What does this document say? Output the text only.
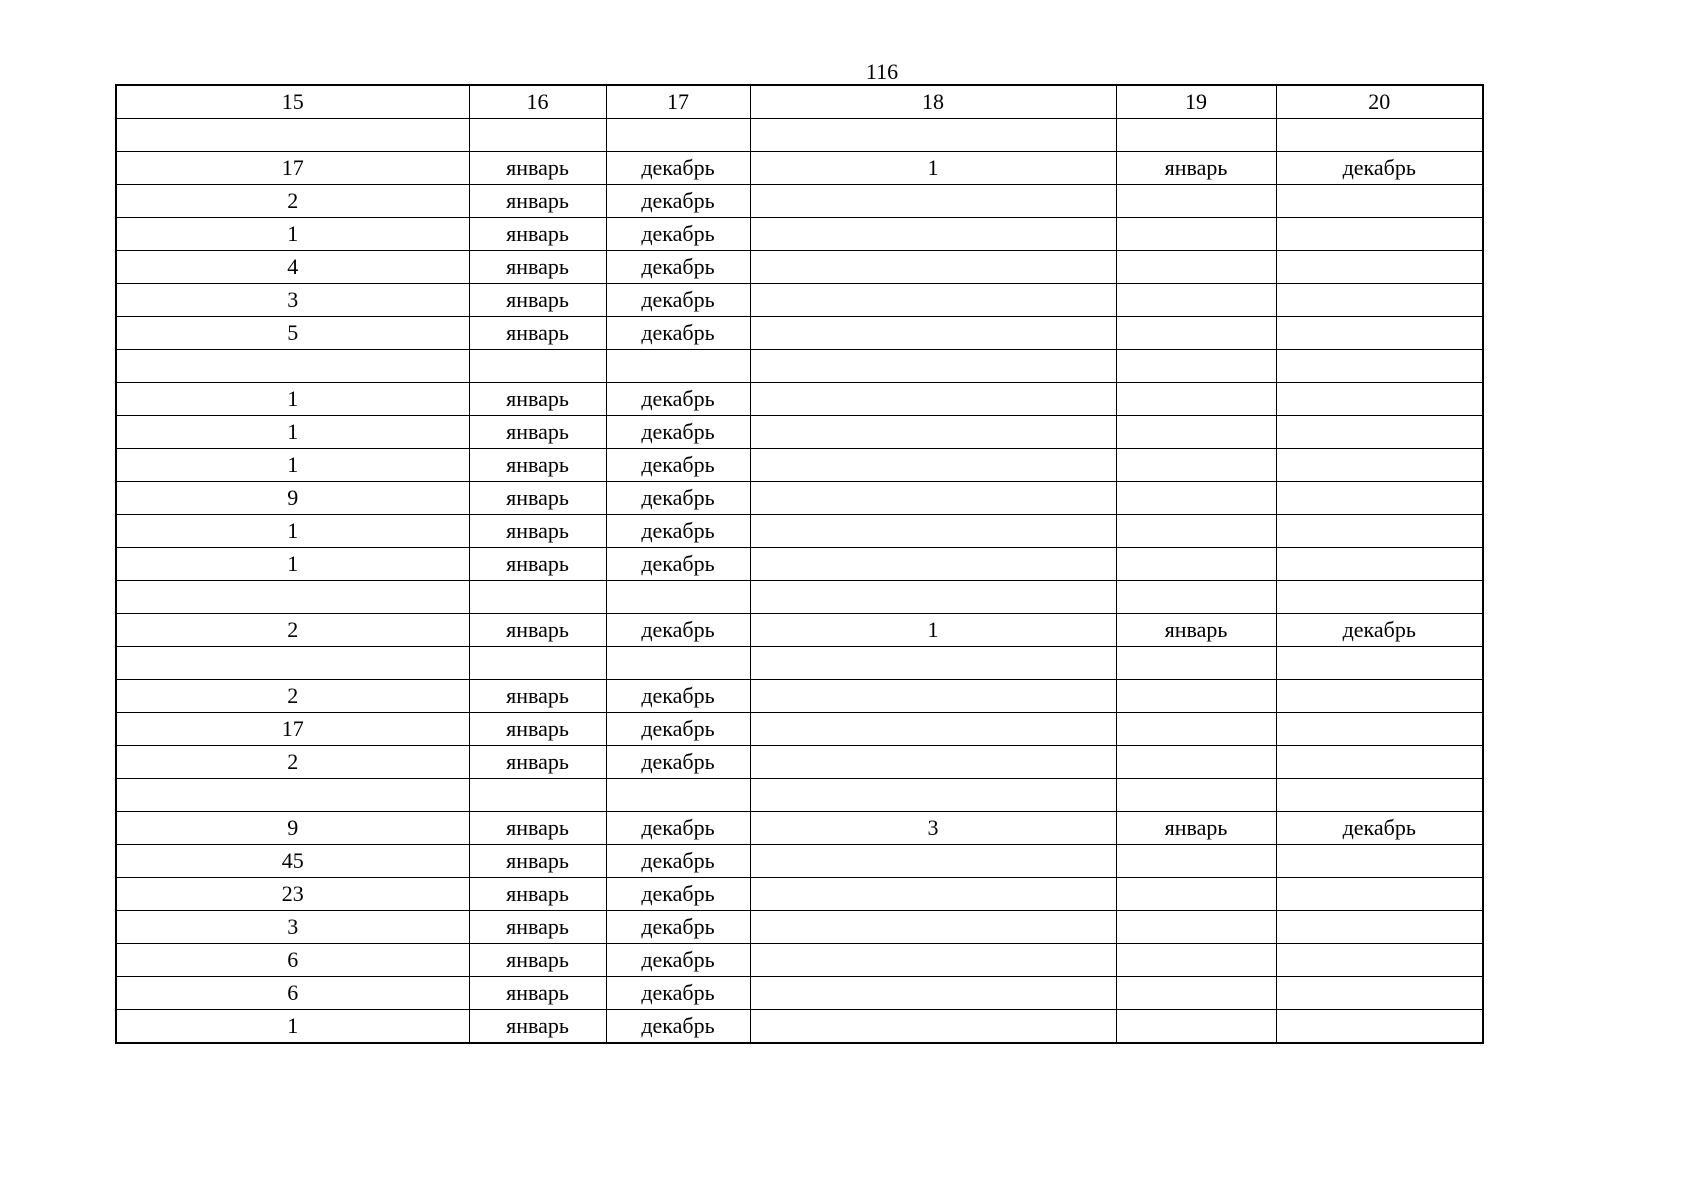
116
15	16	17	18	19	20

17	январь	декабрь	1	январь	декабрь
2	январь	декабрь			
1	январь	декабрь			
4	январь	декабрь			
3	январь	декабрь			
5	январь	декабрь			

1	январь	декабрь			
1	январь	декабрь			
1	январь	декабрь			
9	январь	декабрь			
1	январь	декабрь			
1	январь	декабрь			

2	январь	декабрь	1	январь	декабрь

2	январь	декабрь			
17	январь	декабрь			
2	январь	декабрь			

9	январь	декабрь	3	январь	декабрь
45	январь	декабрь			
23	январь	декабрь			
3	январь	декабрь			
6	январь	декабрь			
6	январь	декабрь			
1	январь	декабрь			
